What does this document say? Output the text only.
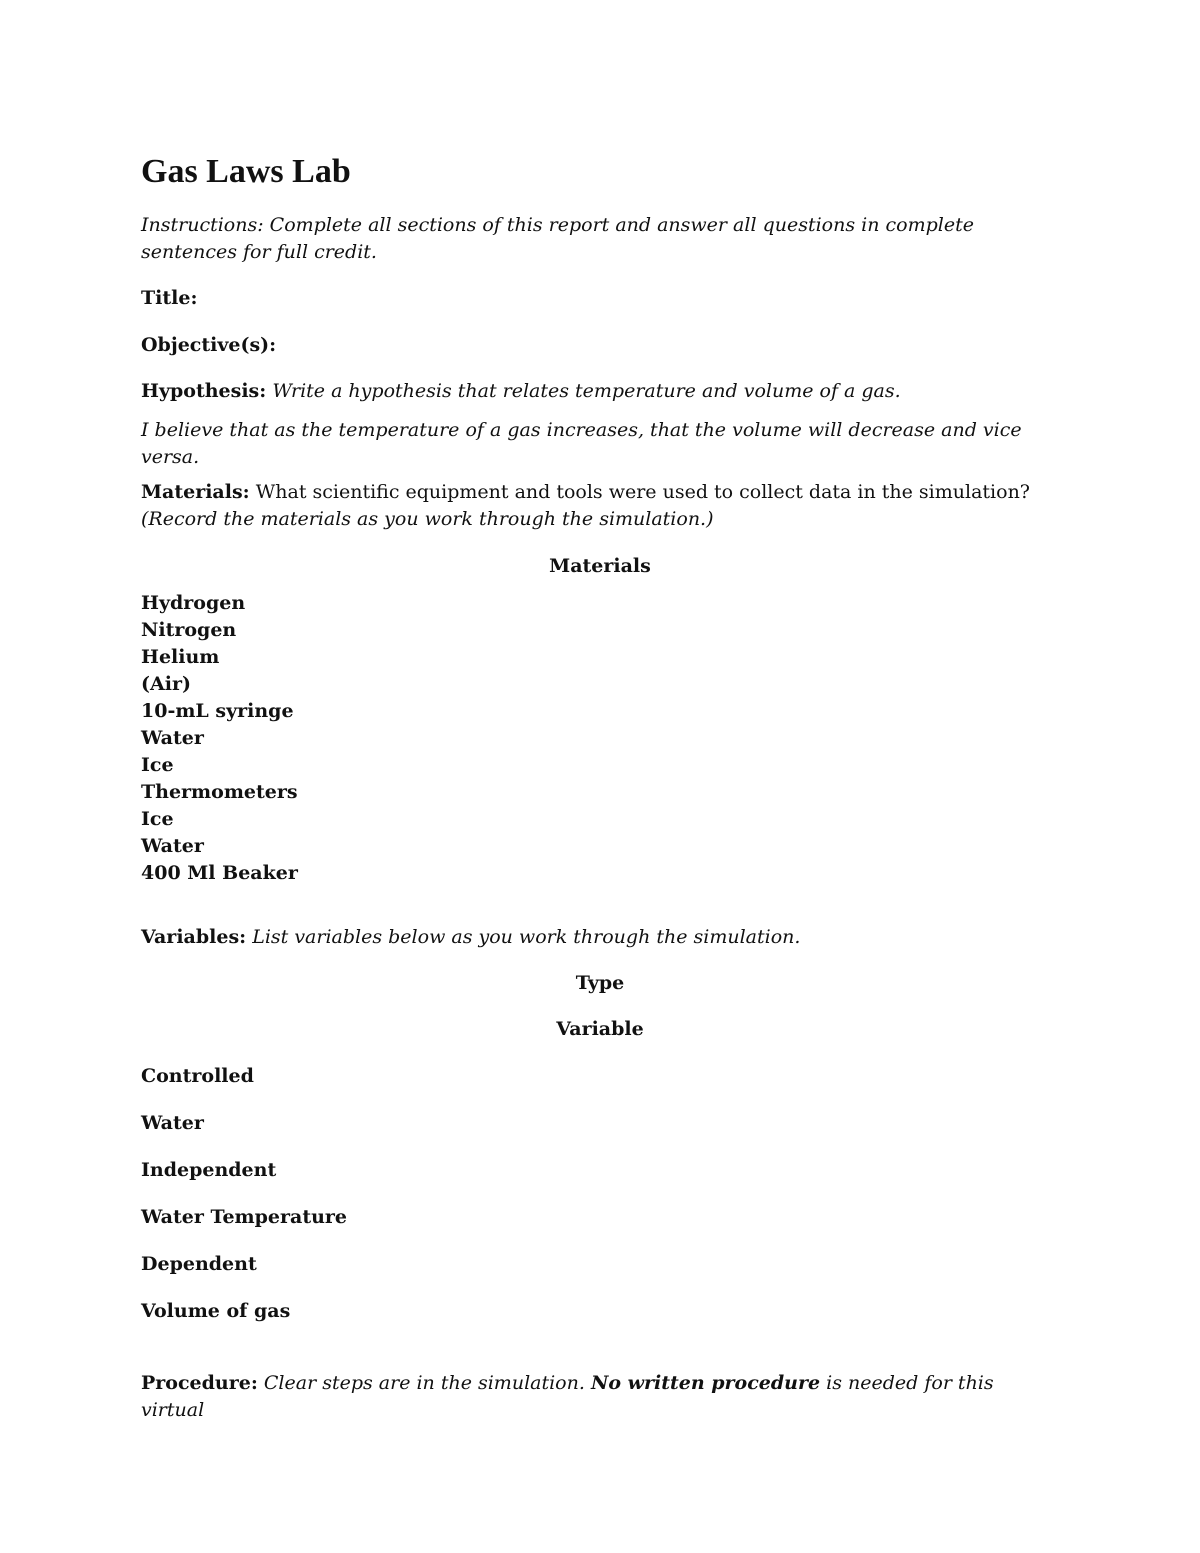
Gas Laws Lab

Instructions: Complete all sections of this report and answer all questions in complete sentences for full credit.

Title:

Objective(s):

Hypothesis: Write a hypothesis that relates temperature and volume of a gas.

I believe that as the temperature of a gas increases, that the volume will decrease and vice versa.

Materials: What scientific equipment and tools were used to collect data in the simulation?
(Record the materials as you work through the simulation.)

Materials

Hydrogen
Nitrogen
Helium
(Air)
10-mL syringe
Water
Ice
Thermometers
Ice
Water
400 Ml Beaker

Variables: List variables below as you work through the simulation.

Type

Variable

Controlled

Water

Independent

Water Temperature

Dependent

Volume of gas

Procedure: Clear steps are in the simulation. No written procedure is needed for this virtual
